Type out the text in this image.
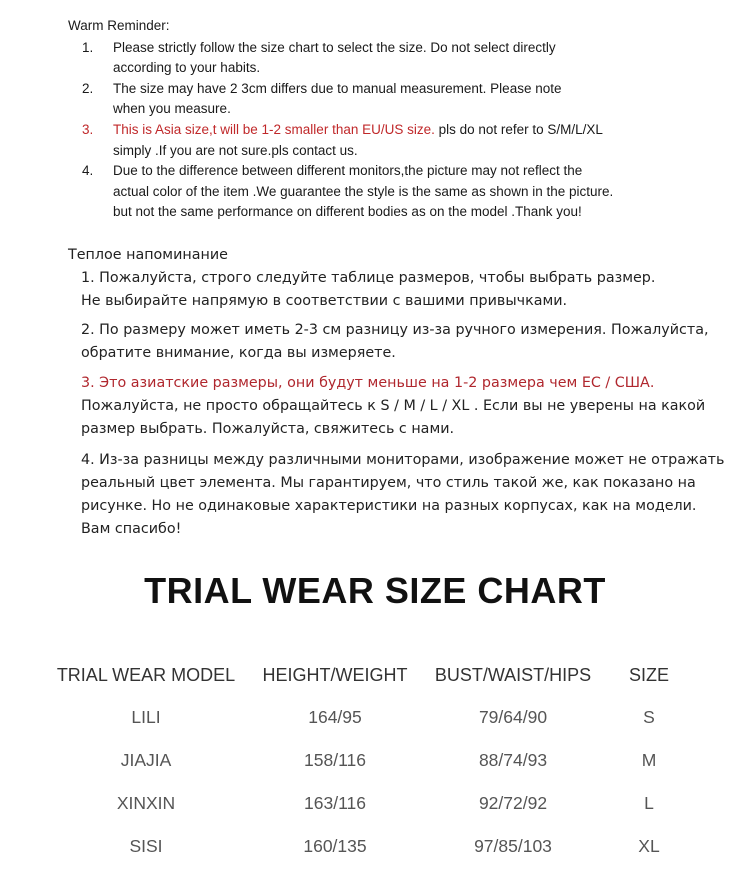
Warm Reminder:
1. Please strictly follow the size chart to select the size. Do not select directly
according to your habits.
2. The size may have 2 3cm differs due to manual measurement. Please note
when you measure.
3. This is Asia size,t will be 1-2 smaller than EU/US size. pls do not refer to S/M/L/XL
simply .If you are not sure.pls contact us.
4. Due to the difference between different monitors,the picture may not reflect the
actual color of the item .We guarantee the style is the same as shown in the picture.
but not the same performance on different bodies as on the model .Thank you!
Теплое напоминание
1. Пожалуйста, строго следуйте таблице размеров, чтобы выбрать размер.
Не выбирайте напрямую в соответствии с вашими привычками.
2. По размеру может иметь 2-3 см разницу из-за ручного измерения. Пожалуйста,
обратите внимание, когда вы измеряете.
3. Это азиатские размеры, они будут меньше на 1-2 размера чем ЕС / США.
Пожалуйста, не просто обращайтесь к S / M / L / XL . Если вы не уверены на какой
размер выбрать. Пожалуйста, свяжитесь с нами.
4. Из-за разницы между различными мониторами, изображение может не отражать
реальный цвет элемента. Мы гарантируем, что стиль такой же, как показано на
рисунке. Но не одинаковые характеристики на разных корпусах, как на модели.
Вам спасибо!
TRIAL WEAR SIZE CHART
TRIAL WEAR MODEL	HEIGHT/WEIGHT	BUST/WAIST/HIPS	SIZE
LILI	164/95	79/64/90	S
JIAJIA	158/116	88/74/93	M
XINXIN	163/116	92/72/92	L
SISI	160/135	97/85/103	XL
